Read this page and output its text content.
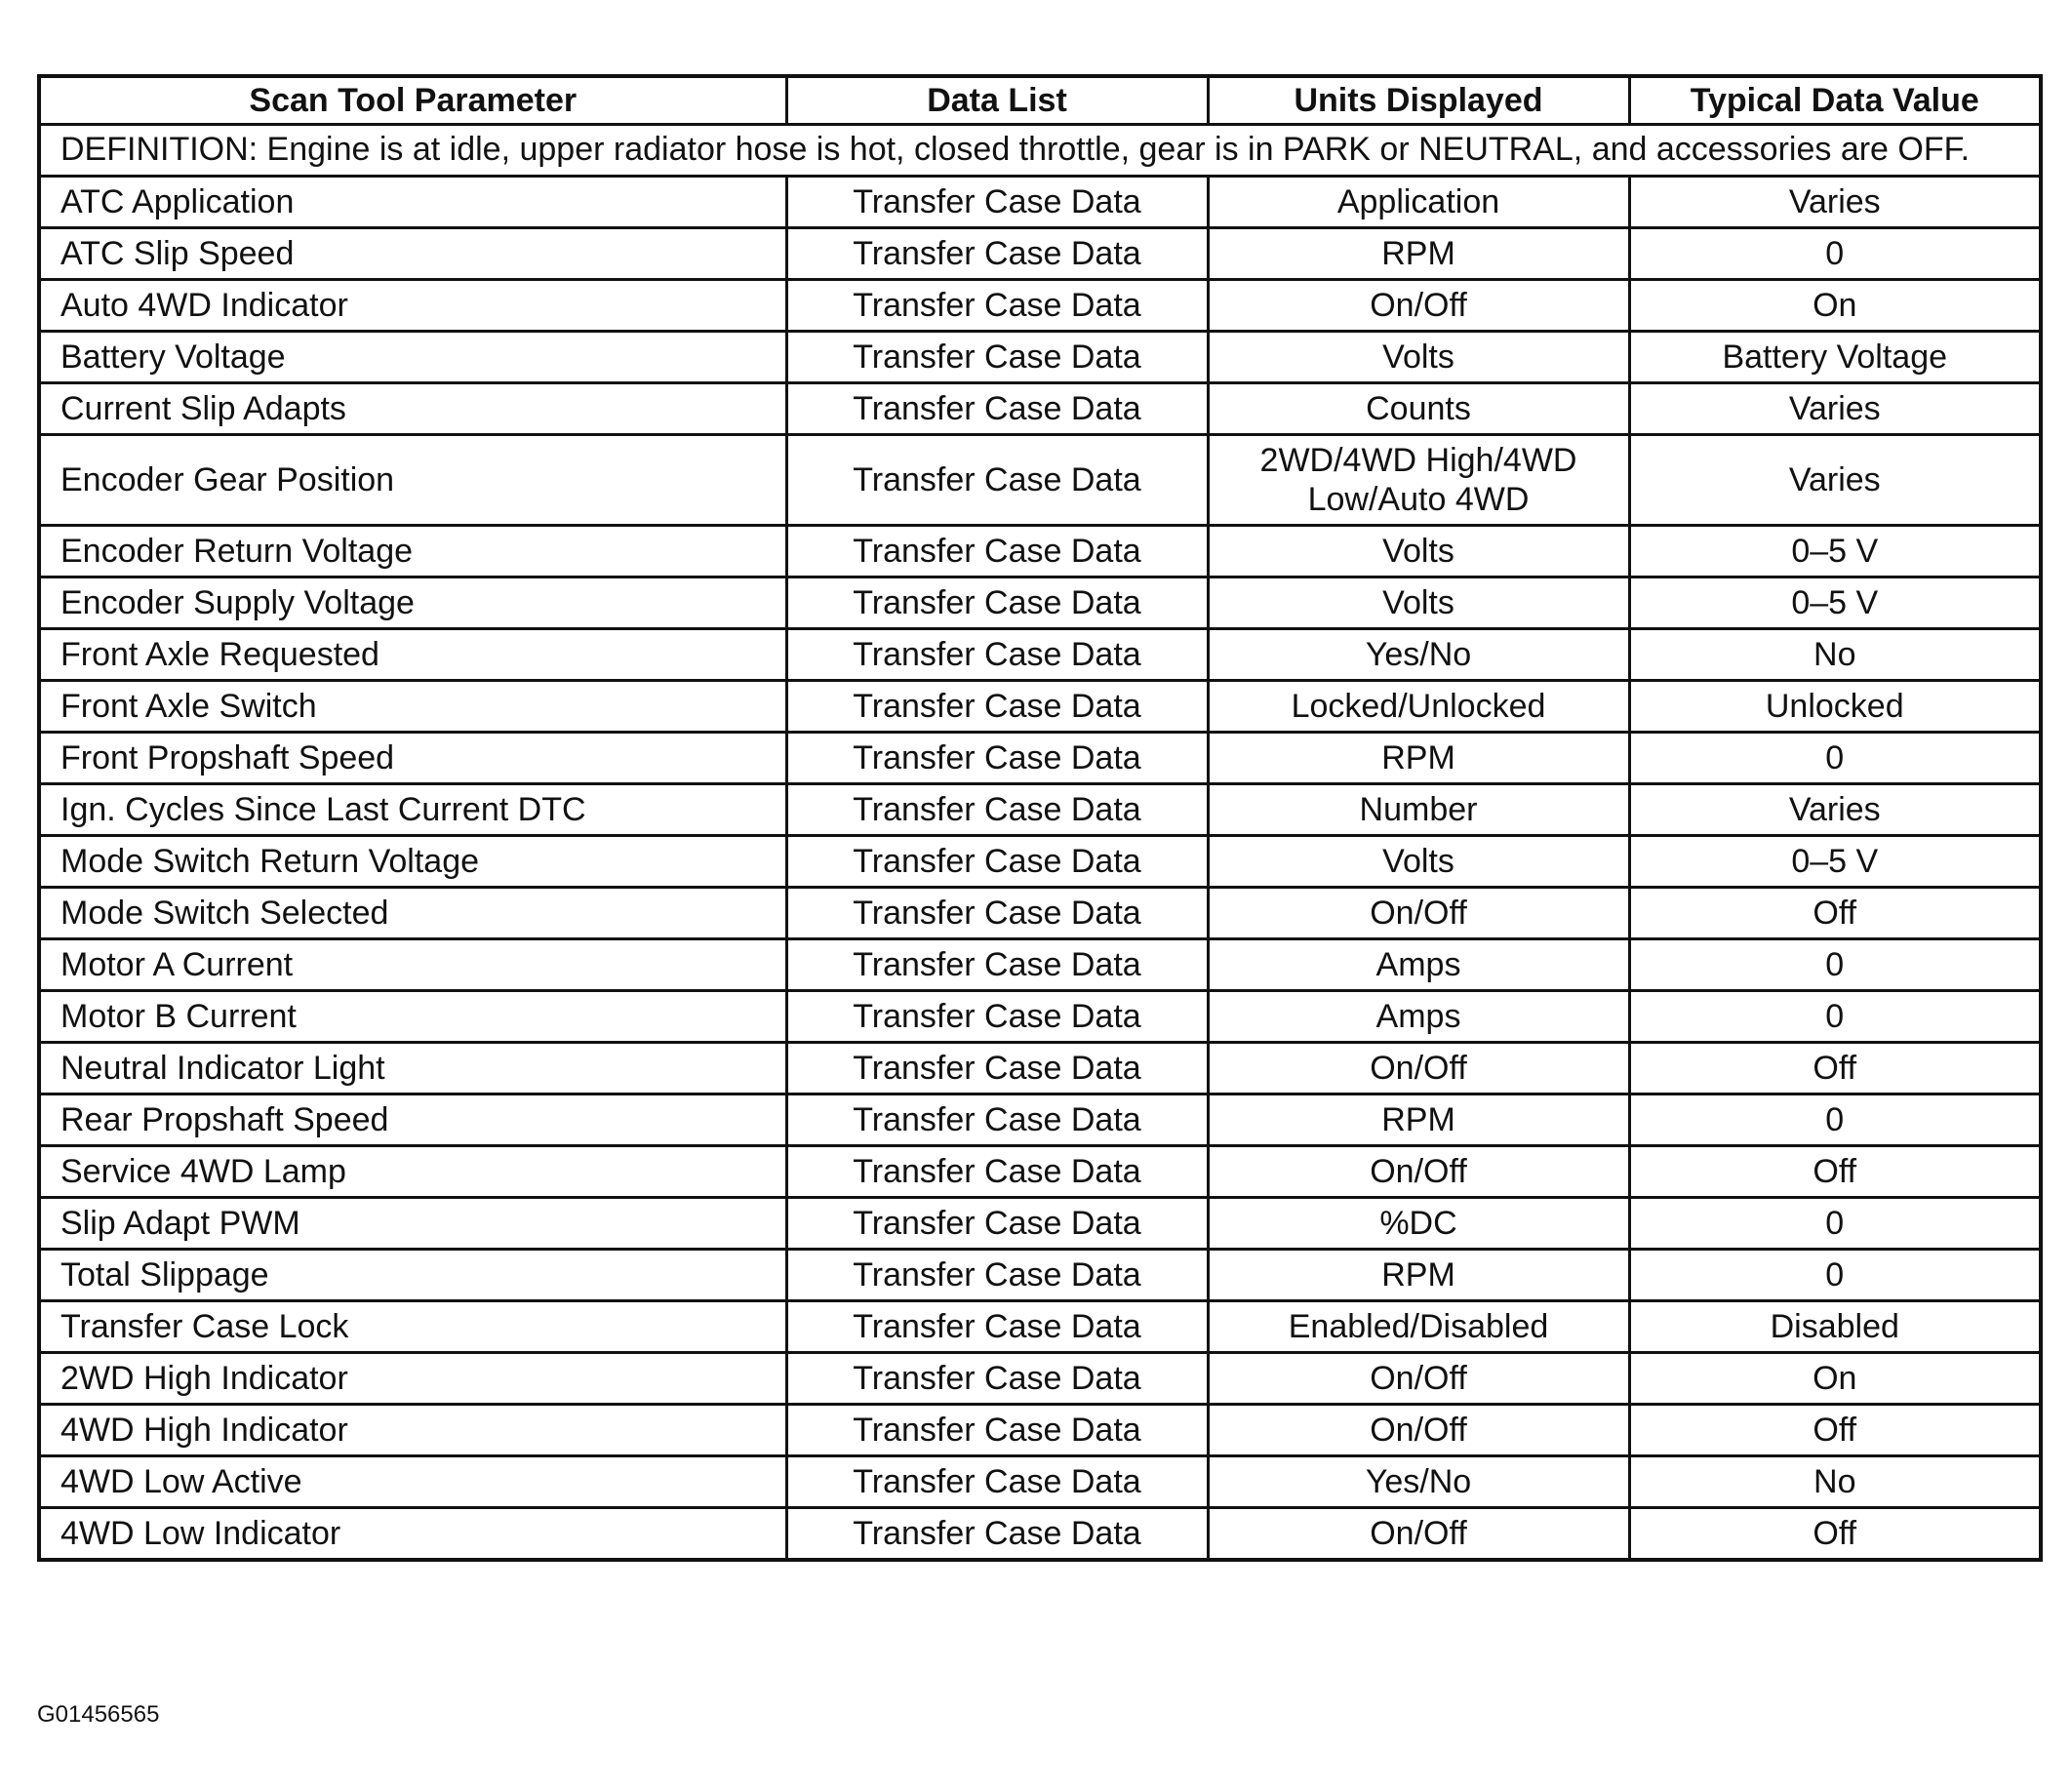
Scan Tool Parameter	Data List	Units Displayed	Typical Data Value
DEFINITION: Engine is at idle, upper radiator hose is hot, closed throttle, gear is in PARK or NEUTRAL, and accessories are OFF.			
ATC Application	Transfer Case Data	Application	Varies
ATC Slip Speed	Transfer Case Data	RPM	0
Auto 4WD Indicator	Transfer Case Data	On/Off	On
Battery Voltage	Transfer Case Data	Volts	Battery Voltage
Current Slip Adapts	Transfer Case Data	Counts	Varies
Encoder Gear Position	Transfer Case Data	2WD/4WD High/4WD Low/Auto 4WD	Varies
Encoder Return Voltage	Transfer Case Data	Volts	0–5 V
Encoder Supply Voltage	Transfer Case Data	Volts	0–5 V
Front Axle Requested	Transfer Case Data	Yes/No	No
Front Axle Switch	Transfer Case Data	Locked/Unlocked	Unlocked
Front Propshaft Speed	Transfer Case Data	RPM	0
Ign. Cycles Since Last Current DTC	Transfer Case Data	Number	Varies
Mode Switch Return Voltage	Transfer Case Data	Volts	0–5 V
Mode Switch Selected	Transfer Case Data	On/Off	Off
Motor A Current	Transfer Case Data	Amps	0
Motor B Current	Transfer Case Data	Amps	0
Neutral Indicator Light	Transfer Case Data	On/Off	Off
Rear Propshaft Speed	Transfer Case Data	RPM	0
Service 4WD Lamp	Transfer Case Data	On/Off	Off
Slip Adapt PWM	Transfer Case Data	%DC	0
Total Slippage	Transfer Case Data	RPM	0
Transfer Case Lock	Transfer Case Data	Enabled/Disabled	Disabled
2WD High Indicator	Transfer Case Data	On/Off	On
4WD High Indicator	Transfer Case Data	On/Off	Off
4WD Low Active	Transfer Case Data	Yes/No	No
4WD Low Indicator	Transfer Case Data	On/Off	Off
G01456565
